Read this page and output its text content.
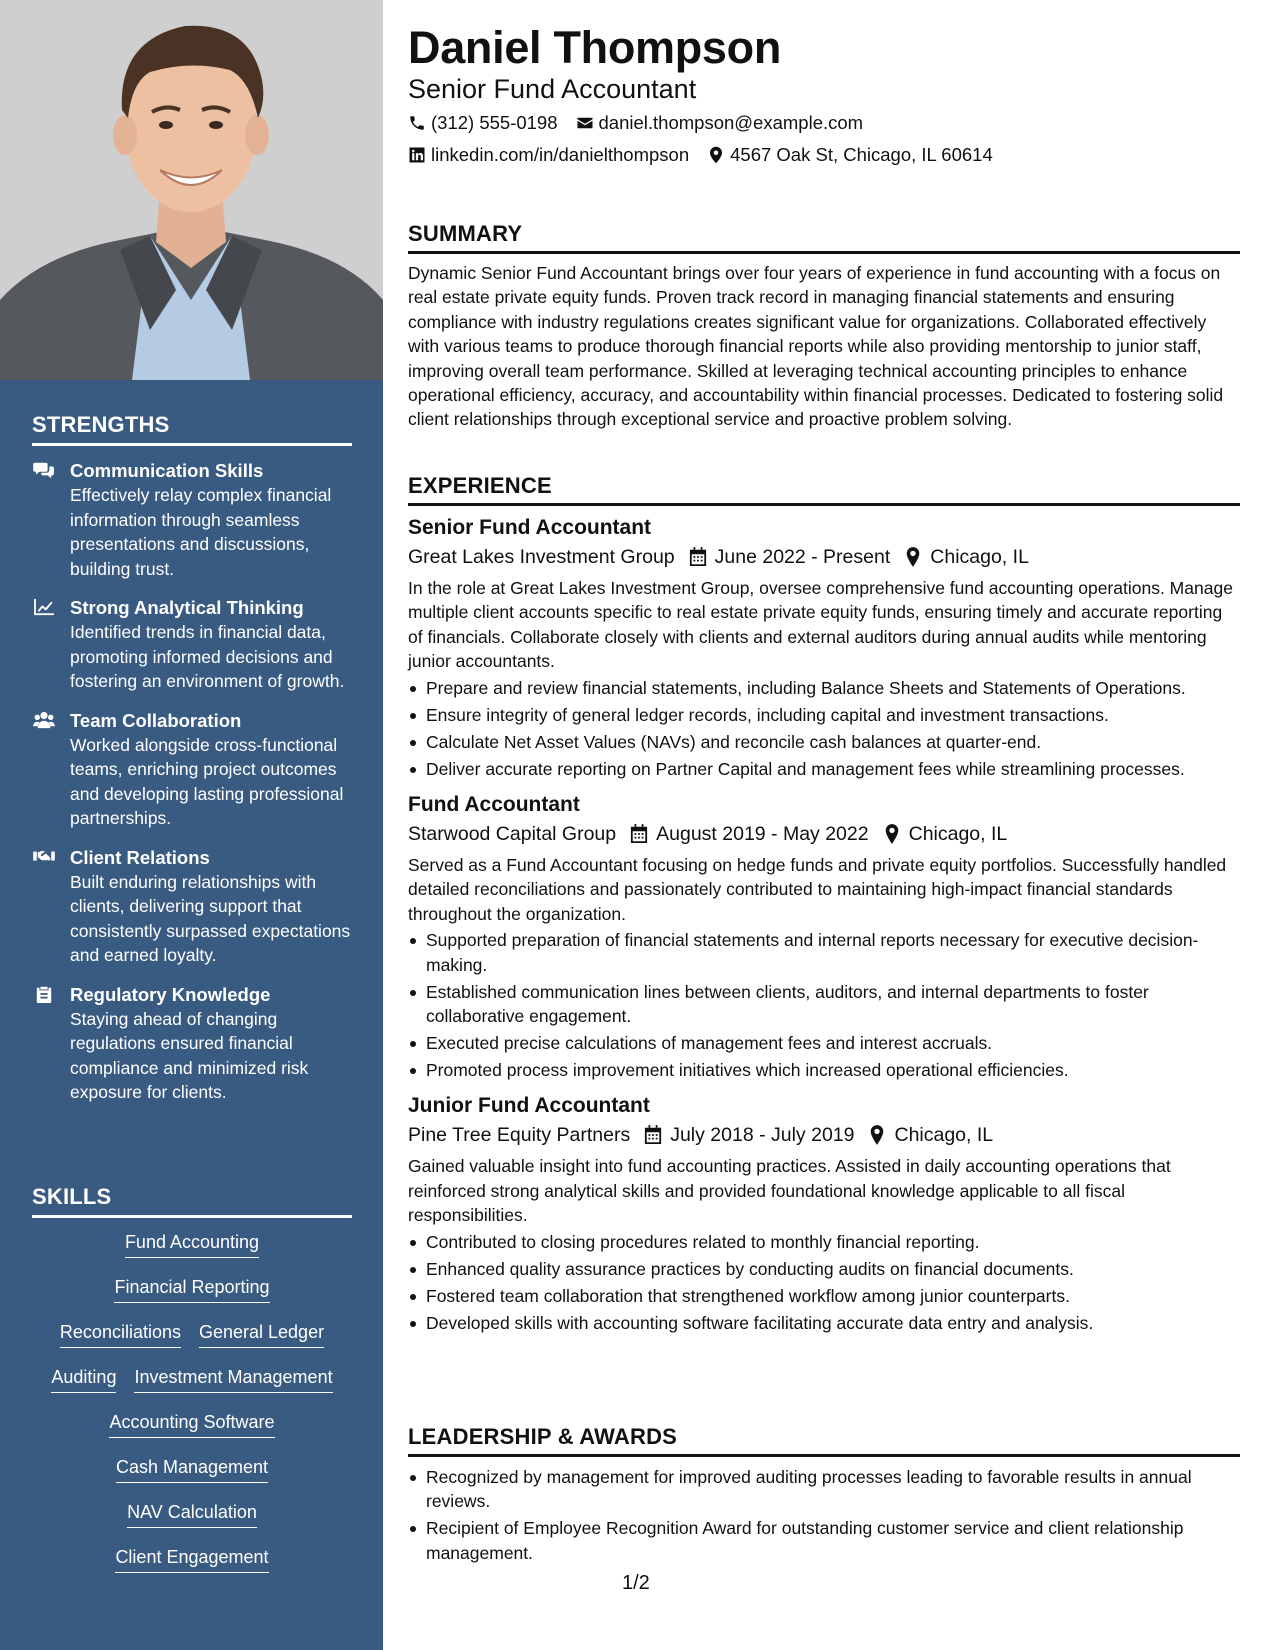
STRENGTHS
Communication Skills
Effectively relay complex financial information through seamless presentations and discussions, building trust.
Strong Analytical Thinking
Identified trends in financial data, promoting informed decisions and fostering an environment of growth.
Team Collaboration
Worked alongside cross-functional teams, enriching project outcomes and developing lasting professional partnerships.
Client Relations
Built enduring relationships with clients, delivering support that consistently surpassed expectations and earned loyalty.
Regulatory Knowledge
Staying ahead of changing regulations ensured financial compliance and minimized risk exposure for clients.
SKILLS
Fund Accounting
Financial Reporting
Reconciliations General Ledger
Auditing Investment Management
Accounting Software
Cash Management
NAV Calculation
Client Engagement
Daniel Thompson
Senior Fund Accountant
(312) 555-0198 daniel.thompson@example.com
linkedin.com/in/danielthompson 4567 Oak St, Chicago, IL 60614
SUMMARY

Dynamic Senior Fund Accountant brings over four years of experience in fund accounting with a focus on real estate private equity funds. Proven track record in managing financial statements and ensuring compliance with industry regulations creates significant value for organizations. Collaborated effectively with various teams to produce thorough financial reports while also providing mentorship to junior staff, improving overall team performance. Skilled at leveraging technical accounting principles to enhance operational efficiency, accuracy, and accountability within financial processes. Dedicated to fostering solid client relationships through exceptional service and proactive problem solving.

EXPERIENCE
Senior Fund Accountant
Great Lakes Investment Group June 2022 - Present Chicago, IL

In the role at Great Lakes Investment Group, oversee comprehensive fund accounting operations. Manage multiple client accounts specific to real estate private equity funds, ensuring timely and accurate reporting of financials. Collaborate closely with clients and external auditors during annual audits while mentoring junior accountants.

Prepare and review financial statements, including Balance Sheets and Statements of Operations.
Ensure integrity of general ledger records, including capital and investment transactions.
Calculate Net Asset Values (NAVs) and reconcile cash balances at quarter-end.
Deliver accurate reporting on Partner Capital and management fees while streamlining processes.
Fund Accountant
Starwood Capital Group August 2019 - May 2022 Chicago, IL

Served as a Fund Accountant focusing on hedge funds and private equity portfolios. Successfully handled detailed reconciliations and passionately contributed to maintaining high-impact financial standards throughout the organization.

Supported preparation of financial statements and internal reports necessary for executive decision-making.
Established communication lines between clients, auditors, and internal departments to foster collaborative engagement.
Executed precise calculations of management fees and interest accruals.
Promoted process improvement initiatives which increased operational efficiencies.
Junior Fund Accountant
Pine Tree Equity Partners July 2018 - July 2019 Chicago, IL

Gained valuable insight into fund accounting practices. Assisted in daily accounting operations that reinforced strong analytical skills and provided foundational knowledge applicable to all fiscal responsibilities.

Contributed to closing procedures related to monthly financial reporting.
Enhanced quality assurance practices by conducting audits on financial documents.
Fostered team collaboration that strengthened workflow among junior counterparts.
Developed skills with accounting software facilitating accurate data entry and analysis.
LEADERSHIP & AWARDS
Recognized by management for improved auditing processes leading to favorable results in annual reviews.
Recipient of Employee Recognition Award for outstanding customer service and client relationship management.
1/2
